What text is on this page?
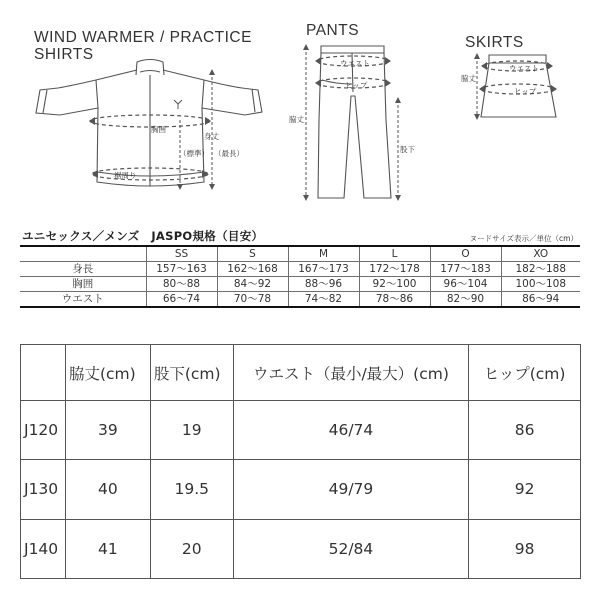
WIND WARMER / PRACTICE
SHIRTS
胸囲
身丈
（標準） （最長）
裾周り
PANTS
ウエスト
ヒップ
脇丈
股下
SKIRTS
ウエスト
ヒップ
脇丈
ユニセックス／メンズ　JASPO規格（目安）	ヌードサイズ表示／単位（cm）
	SS	S	M	L	O	XO
身長	157〜163	162〜168	167〜173	172〜178	177〜183	182〜188
胸囲	80〜88	84〜92	88〜96	92〜100	96〜104	100〜108
ウエスト	66〜74	70〜78	74〜82	78〜86	82〜90	86〜94
	脇丈(cm)	股下(cm)	ウエスト（最小/最大）(cm)	ヒップ(cm)
J120	39	19	46/74	86
J130	40	19.5	49/79	92
J140	41	20	52/84	98
